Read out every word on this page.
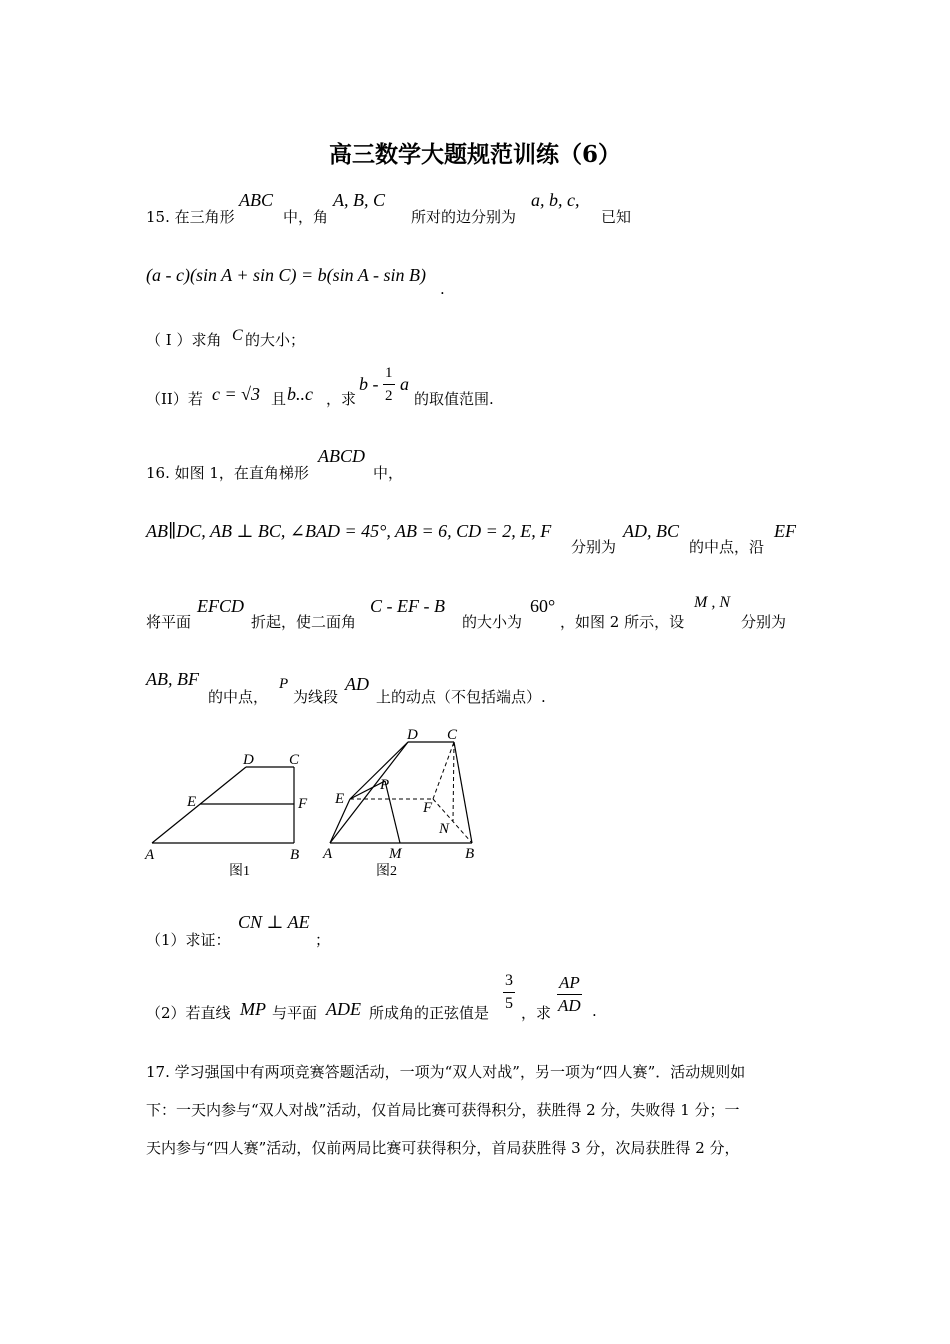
高三数学大题规范训练（6）
15. 在三角形
ABC
中，角
A, B, C
所对的边分别为
a, b, c,
已知
(a - c)(sin A + sin C) = b(sin A - sin B)
.
（ I ）求角 C 的大小；
（II）若 c = √3 且 b..c ，求
b - $\frac{1}{2}$ a
的取值范围.
16. 如图 1，在直角梯形
ABCD
中，
AB∥DC, AB ⊥ BC, ∠BAD = 45°, AB = 6, CD = 2, E, F
分别为
AD, BC
的中点，沿
EF
将平面
EFCD
折起，使二面角
C - EF - B
的大小为
60°
，如图 2 所示，设
M , N
分别为
AB, BF
的中点，
P
为线段
AD
上的动点（不包括端点）.
A	B
C
D
E	F
图1
A	B
C
D
E
F
M
N
P
图2
（1）求证：
CN ⊥ AE
；
（2）若直线 MP 与平面 ADE 所成角的正弦值是 $\frac{3}{5}$ ，求 $\frac{AP}{AD}$ .
17. 学习强国中有两项竞赛答题活动，一项为“双人对战”，另一项为“四人赛”．活动规则如
下：一天内参与“双人对战”活动，仅首局比赛可获得积分，获胜得 2 分，失败得 1 分；一
天内参与“四人赛”活动，仅前两局比赛可获得积分，首局获胜得 3 分，次局获胜得 2 分，
